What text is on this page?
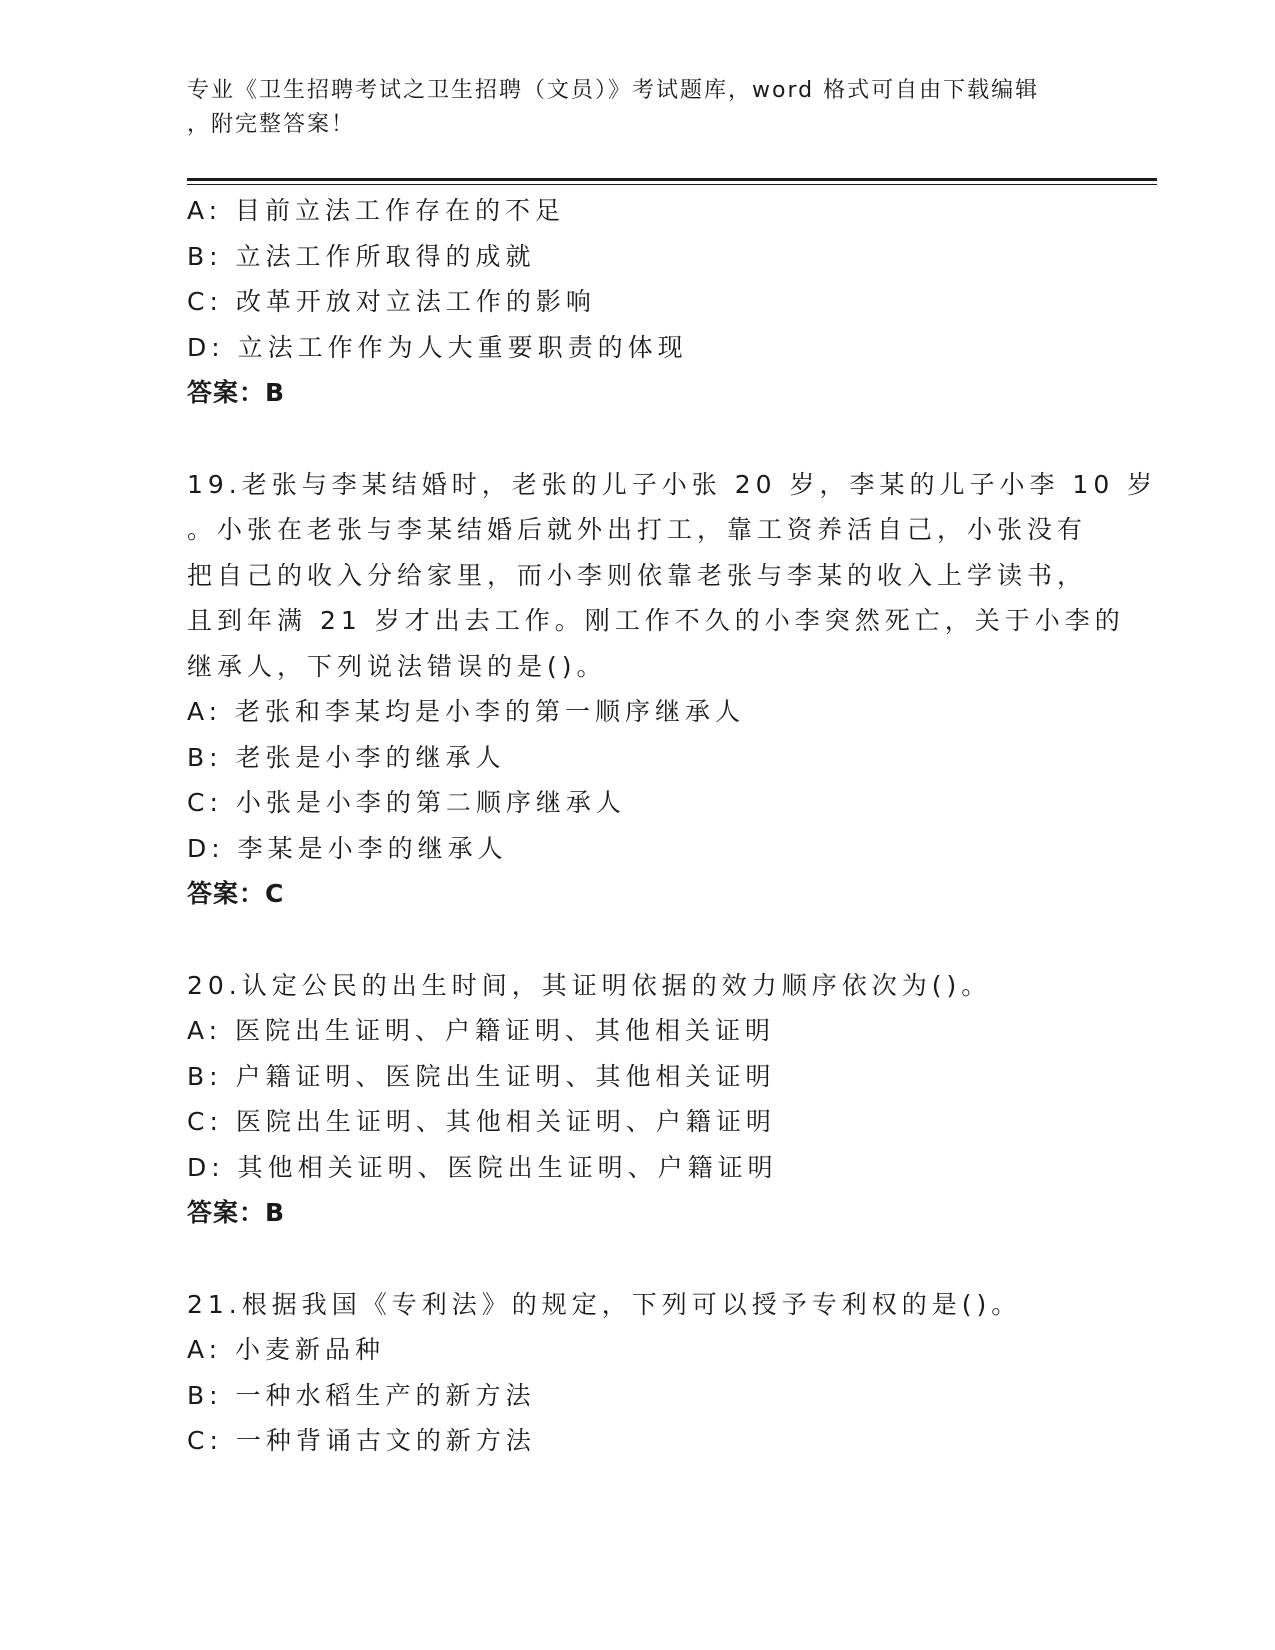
专业《卫生招聘考试之卫生招聘（文员）》考试题库，word 格式可自由下载编辑
，附完整答案！
A: 目前立法工作存在的不足
B: 立法工作所取得的成就
C: 改革开放对立法工作的影响
D: 立法工作作为人大重要职责的体现
答案：B
19.老张与李某结婚时，老张的儿子小张 20 岁，李某的儿子小李 10 岁
。小张在老张与李某结婚后就外出打工，靠工资养活自己，小张没有
把自己的收入分给家里，而小李则依靠老张与李某的收入上学读书，
且到年满 21 岁才出去工作。刚工作不久的小李突然死亡，关于小李的
继承人，下列说法错误的是()。
A: 老张和李某均是小李的第一顺序继承人
B: 老张是小李的继承人
C: 小张是小李的第二顺序继承人
D: 李某是小李的继承人
答案：C
20.认定公民的出生时间，其证明依据的效力顺序依次为()。
A: 医院出生证明、户籍证明、其他相关证明
B: 户籍证明、医院出生证明、其他相关证明
C: 医院出生证明、其他相关证明、户籍证明
D: 其他相关证明、医院出生证明、户籍证明
答案：B
21.根据我国《专利法》的规定，下列可以授予专利权的是()。
A: 小麦新品种
B: 一种水稻生产的新方法
C: 一种背诵古文的新方法
